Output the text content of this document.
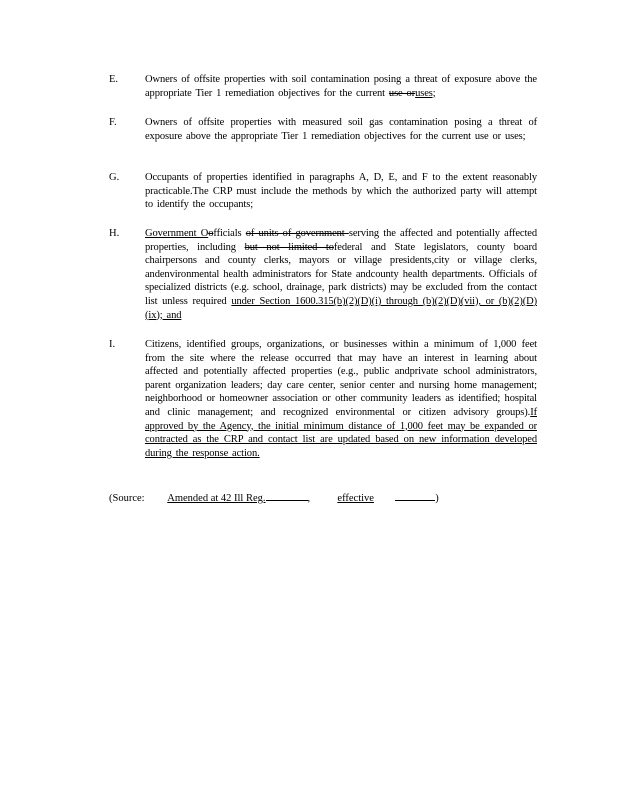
E.	Owners of offsite properties with soil contamination posing a threat of exposure above the appropriate Tier 1 remediation objectives for the current use oruses;
F.	Owners of offsite properties with measured soil gas contamination posing a threat of exposure above the appropriate Tier 1 remediation objectives for the current use or uses;
G. Occupants of properties identified in paragraphs A, D, E, and F to the extent reasonably practicable.The CRP must include the methods by which the authorized party will attempt to identify the occupants;
H. Government Oofficials of units of government serving the affected and potentially affected properties, including but not limited tofederal and State legislators, county board chairpersons and county clerks, mayors or village presidents,city or village clerks, andenvironmental health administrators for State andcounty health departments. Officials of specialized districts (e.g. school, drainage, park districts) may be excluded from the contact list unless required under Section 1600.315(b)(2)(D)(i) through (b)(2)(D)(vii), or (b)(2)(D)(ix); and
I.	Citizens, identified groups, organizations, or businesses within a minimum of 1,000 feet from the site where the release occurred that may have an interest in learning about affected and potentially affected properties (e.g., public andprivate school administrators, parent organization leaders; day care center, senior center and nursing home management; neighborhood or homeowner association or other community leaders as identified; hospital and clinic management; and recognized environmental or citizen advisory groups).If approved by the Agency, the initial minimum distance of 1,000 feet may be expanded or contracted as the CRP and contact list are updated based on new information developed during the response action.
(Source: Amended at 42 Ill Reg.	,	effective	)
